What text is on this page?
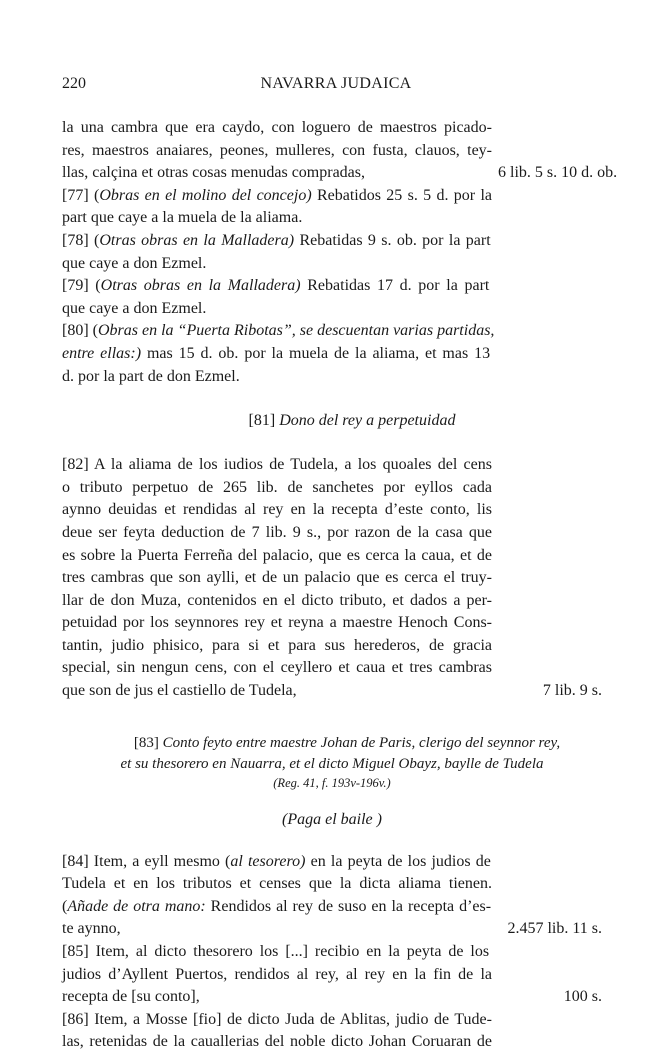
220	NAVARRA JUDAICA
la una cambra que era caydo, con loguero de maestros picado-
res, maestros anaiares, peones, mulleres, con fusta, clauos, tey-
llas, calçina et otras cosas menudas compradas,	6 lib. 5 s. 10 d. ob.
[77] (Obras en el molino del concejo) Rebatidos 25 s. 5 d. por la
part que caye a la muela de la aliama.
[78] (Otras obras en la Malladera) Rebatidas 9 s. ob. por la part
que caye a don Ezmel.
[79] (Otras obras en la Malladera) Rebatidas 17 d. por la part
que caye a don Ezmel.
[80] (Obras en la “Puerta Ribotas”, se descuentan varias partidas,
entre ellas:) mas 15 d. ob. por la muela de la aliama, et mas 13
d. por la part de don Ezmel.
[81] Dono del rey a perpetuidad
[82] A la aliama de los iudios de Tudela, a los quoales del cens
o tributo perpetuo de 265 lib. de sanchetes por eyllos cada
aynno deuidas et rendidas al rey en la recepta d’este conto, lis
deue ser feyta deduction de 7 lib. 9 s., por razon de la casa que
es sobre la Puerta Ferreña del palacio, que es cerca la caua, et de
tres cambras que son aylli, et de un palacio que es cerca el truy-
llar de don Muza, contenidos en el dicto tributo, et dados a per-
petuidad por los seynnores rey et reyna a maestre Henoch Cons-
tantin, judio phisico, para si et para sus herederos, de gracia
special, sin nengun cens, con el ceyllero et caua et tres cambras
que son de jus el castiello de Tudela,	7 lib. 9 s.
[83] Conto feyto entre maestre Johan de Paris, clerigo del seynnor rey,
et su thesorero en Nauarra, et el dicto Miguel Obayz, baylle de Tudela
(Reg. 41, f. 193v-196v.)
(Paga el baile )
[84] Item, a eyll mesmo (al tesorero) en la peyta de los judios de
Tudela et en los tributos et censes que la dicta aliama tienen.
(Añade de otra mano: Rendidos al rey de suso en la recepta d’es-
te aynno,	2.457 lib. 11 s.
[85] Item, al dicto thesorero los [...] recibio en la peyta de los
judios d’Ayllent Puertos, rendidos al rey, al rey en la fin de la
recepta de [su conto],	100 s.
[86] Item, a Mosse [fio] de dicto Juda de Ablitas, judio de Tude-
las, retenidas de la cauallerias del noble dicto Johan Coruaran de
